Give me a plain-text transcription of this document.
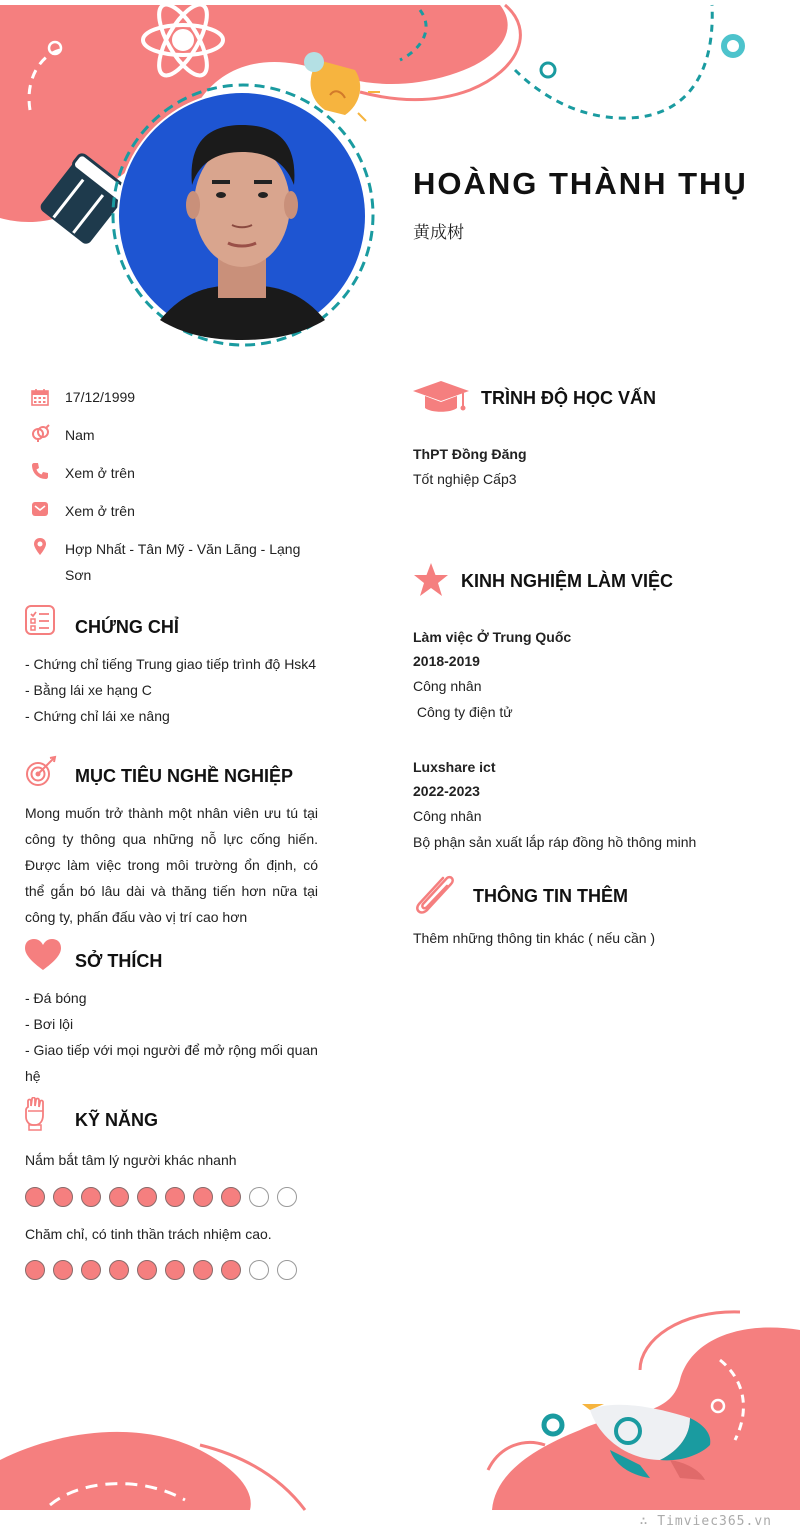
HOÀNG THÀNH THỤ
黄成树
17/12/1999
Nam
Xem ở trên
Xem ở trên
Hợp Nhất - Tân Mỹ - Văn Lãng - Lạng Sơn
CHỨNG CHỈ
- Chứng chỉ tiếng Trung giao tiếp trình độ Hsk4
- Bằng lái xe hạng C
- Chứng chỉ lái xe nâng
MỤC TIÊU NGHỀ NGHIỆP
Mong muốn trở thành một nhân viên ưu tú tại công ty thông qua những nỗ lực cống hiến. Được làm việc trong môi trường ổn định, có thể gắn bó lâu dài và thăng tiến hơn nữa tại công ty, phấn đấu vào vị trí cao hơn
SỞ THÍCH
- Đá bóng
- Bơi lội
- Giao tiếp với mọi người để mở rộng mối quan hệ
KỸ NĂNG
Nắm bắt tâm lý người khác nhanh
Chăm chỉ, có tinh thần trách nhiệm cao.
TRÌNH ĐỘ HỌC VẤN
ThPT Đồng Đăng
Tốt nghiệp Cấp3
KINH NGHIỆM LÀM VIỆC
Làm việc Ở Trung Quốc
2018-2019
Công nhân
Công ty điện tử
Luxshare ict
2022-2023
Công nhân
Bộ phận sản xuất lắp ráp đồng hồ thông minh
THÔNG TIN THÊM
Thêm những thông tin khác ( nếu cần )
∴ Timviec365.vn
